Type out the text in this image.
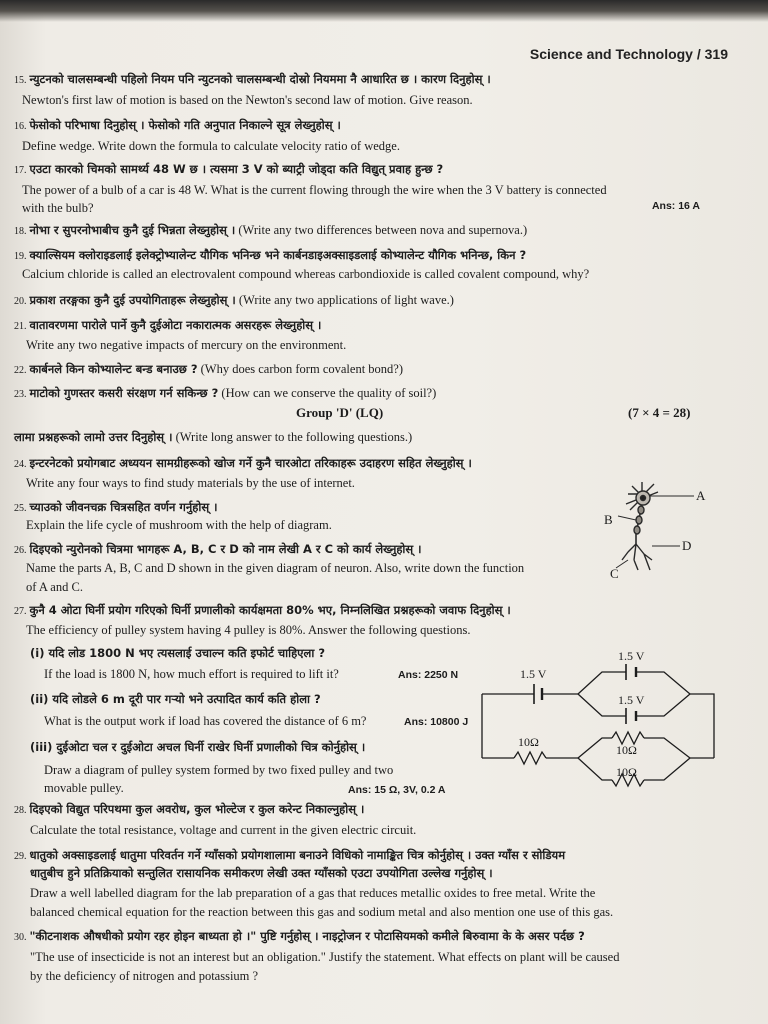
Science and Technology / 319
15. न्युटनको चालसम्बन्धी पहिलो नियम पनि न्युटनको चालसम्बन्धी दोस्रो नियममा नै आधारित छ । कारण दिनुहोस् ।
Newton's first law of motion is based on the Newton's second law of motion. Give reason.
16. फेसोको परिभाषा दिनुहोस् । फेसोको गति अनुपात निकाल्ने सूत्र लेख्नुहोस् ।
Define wedge. Write down the formula to calculate velocity ratio of wedge.
17. एउटा कारको चिमको सामर्थ्य 48 W छ । त्यसमा 3 V को ब्याट्री जोड्दा कति विद्युत् प्रवाह हुन्छ ?
The power of a bulb of a car is 48 W. What is the current flowing through the wire when the 3 V battery is connected
with the bulb?	Ans: 16 A
18. नोभा र सुपरनोभाबीच कुनै दुई भिन्नता लेख्नुहोस् । (Write any two differences between nova and supernova.)
19. क्याल्सियम क्लोराइडलाई इलेक्ट्रोभ्यालेन्ट यौगिक भनिन्छ भने कार्बनडाइअक्साइडलाई कोभ्यालेन्ट यौगिक भनिन्छ, किन ?
Calcium chloride is called an electrovalent compound whereas carbondioxide is called covalent compound, why?
20. प्रकाश तरङ्गका कुनै दुई उपयोगिताहरू लेख्नुहोस् । (Write any two applications of light wave.)
21. वातावरणमा पारोले पार्ने कुनै दुईओटा नकारात्मक असरहरू लेख्नुहोस् ।
Write any two negative impacts of mercury on the environment.
22. कार्बनले किन कोभ्यालेन्ट बन्ड बनाउछ ? (Why does carbon form covalent bond?)
23. माटोको गुणस्तर कसरी संरक्षण गर्न सकिन्छ ? (How can we conserve the quality of soil?)
Group 'D' (LQ)	(7 × 4 = 28)
लामा प्रश्नहरूको लामो उत्तर दिनुहोस् । (Write long answer to the following questions.)
24. इन्टरनेटको प्रयोगबाट अध्ययन सामग्रीहरूको खोज गर्ने कुनै चारओटा तरिकाहरू उदाहरण सहित लेख्नुहोस् ।
Write any four ways to find study materials by the use of internet.
25. च्याउको जीवनचक्र चित्रसहित वर्णन गर्नुहोस् ।
Explain the life cycle of mushroom with the help of diagram.
26. दिइएको न्युरोनको चित्रमा भागहरू A, B, C र D को नाम लेखी A र C को कार्य लेख्नुहोस् ।
Name the parts A, B, C and D shown in the given diagram of neuron. Also, write down the function
of A and C.
A
B
C
D
27. कुनै 4 ओटा घिर्नी प्रयोग गरिएको घिर्नी प्रणालीको कार्यक्षमता 80% भए, निम्नलिखित प्रश्नहरूको जवाफ दिनुहोस् ।
The efficiency of pulley system having 4 pulley is 80%. Answer the following questions.
(i) यदि लोड 1800 N भए त्यसलाई उचाल्न कति इफोर्ट चाहिएला ?
If the load is 1800 N, how much effort is required to lift it?	Ans: 2250 N
(ii) यदि लोडले 6 m दूरी पार गर्‍यो भने उत्पादित कार्य कति होला ?
What is the output work if load has covered the distance of 6 m?	Ans: 10800 J
(iii) दुईओटा चल र दुईओटा अचल घिर्नी राखेर घिर्नी प्रणालीको चित्र कोर्नुहोस् ।
Draw a diagram of pulley system formed by two fixed pulley and two
movable pulley.	Ans: 15 Ω, 3V, 0.2 A
1.5 V
1.5 V
1.5 V
10Ω
10Ω
10Ω
28. दिइएको विद्युत परिपथमा कुल अवरोध, कुल भोल्टेज र कुल करेन्ट निकाल्नुहोस् ।
Calculate the total resistance, voltage and current in the given electric circuit.
29. धातुको अक्साइडलाई धातुमा परिवर्तन गर्ने ग्याँसको प्रयोगशालामा बनाउने विधिको नामाङ्कित चित्र कोर्नुहोस् । उक्त ग्याँस र सोडियम
धातुबीच हुने प्रतिक्रियाको सन्तुलित रासायनिक समीकरण लेखी उक्त ग्याँसको एउटा उपयोगिता उल्लेख गर्नुहोस् ।
Draw a well labelled diagram for the lab preparation of a gas that reduces metallic oxides to free metal. Write the
balanced chemical equation for the reaction between this gas and sodium metal and also mention one use of this gas.
30. "कीटनाशक औषधीको प्रयोग रहर होइन बाध्यता हो ।" पुष्टि गर्नुहोस् । नाइट्रोजन र पोटासियमको कमीले बिरुवामा के के असर पर्दछ ?
"The use of insecticide is not an interest but an obligation." Justify the statement. What effects on plant will be caused
by the deficiency of nitrogen and potassium ?
